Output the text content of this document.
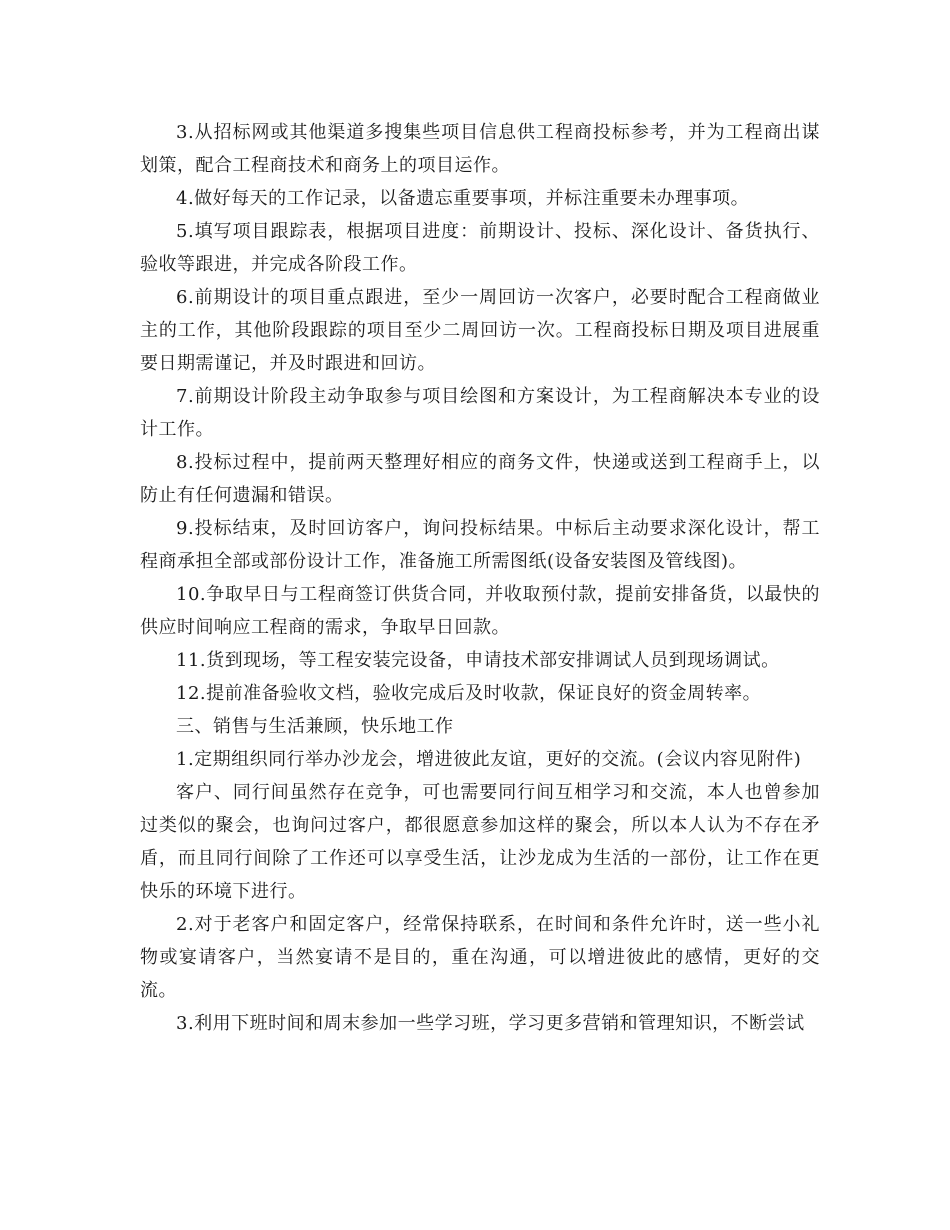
3.从招标网或其他渠道多搜集些项目信息供工程商投标参考，并为工程商出谋划策，配合工程商技术和商务上的项目运作。

4.做好每天的工作记录，以备遗忘重要事项，并标注重要未办理事项。

5.填写项目跟踪表，根据项目进度：前期设计、投标、深化设计、备货执行、验收等跟进，并完成各阶段工作。

6.前期设计的项目重点跟进，至少一周回访一次客户，必要时配合工程商做业主的工作，其他阶段跟踪的项目至少二周回访一次。工程商投标日期及项目进展重要日期需谨记，并及时跟进和回访。

7.前期设计阶段主动争取参与项目绘图和方案设计，为工程商解决本专业的设计工作。

8.投标过程中，提前两天整理好相应的商务文件，快递或送到工程商手上，以防止有任何遗漏和错误。

9.投标结束，及时回访客户，询问投标结果。中标后主动要求深化设计，帮工程商承担全部或部份设计工作，准备施工所需图纸(设备安装图及管线图)。

10.争取早日与工程商签订供货合同，并收取预付款，提前安排备货，以最快的供应时间响应工程商的需求，争取早日回款。

11.货到现场，等工程安装完设备，申请技术部安排调试人员到现场调试。

12.提前准备验收文档，验收完成后及时收款，保证良好的资金周转率。

三、销售与生活兼顾，快乐地工作

1.定期组织同行举办沙龙会，增进彼此友谊，更好的交流。(会议内容见附件)

客户、同行间虽然存在竞争，可也需要同行间互相学习和交流，本人也曾参加过类似的聚会，也询问过客户，都很愿意参加这样的聚会，所以本人认为不存在矛盾，而且同行间除了工作还可以享受生活，让沙龙成为生活的一部份，让工作在更快乐的环境下进行。

2.对于老客户和固定客户，经常保持联系，在时间和条件允许时，送一些小礼物或宴请客户，当然宴请不是目的，重在沟通，可以增进彼此的感情，更好的交流。

3.利用下班时间和周末参加一些学习班，学习更多营销和管理知识，不断尝试
